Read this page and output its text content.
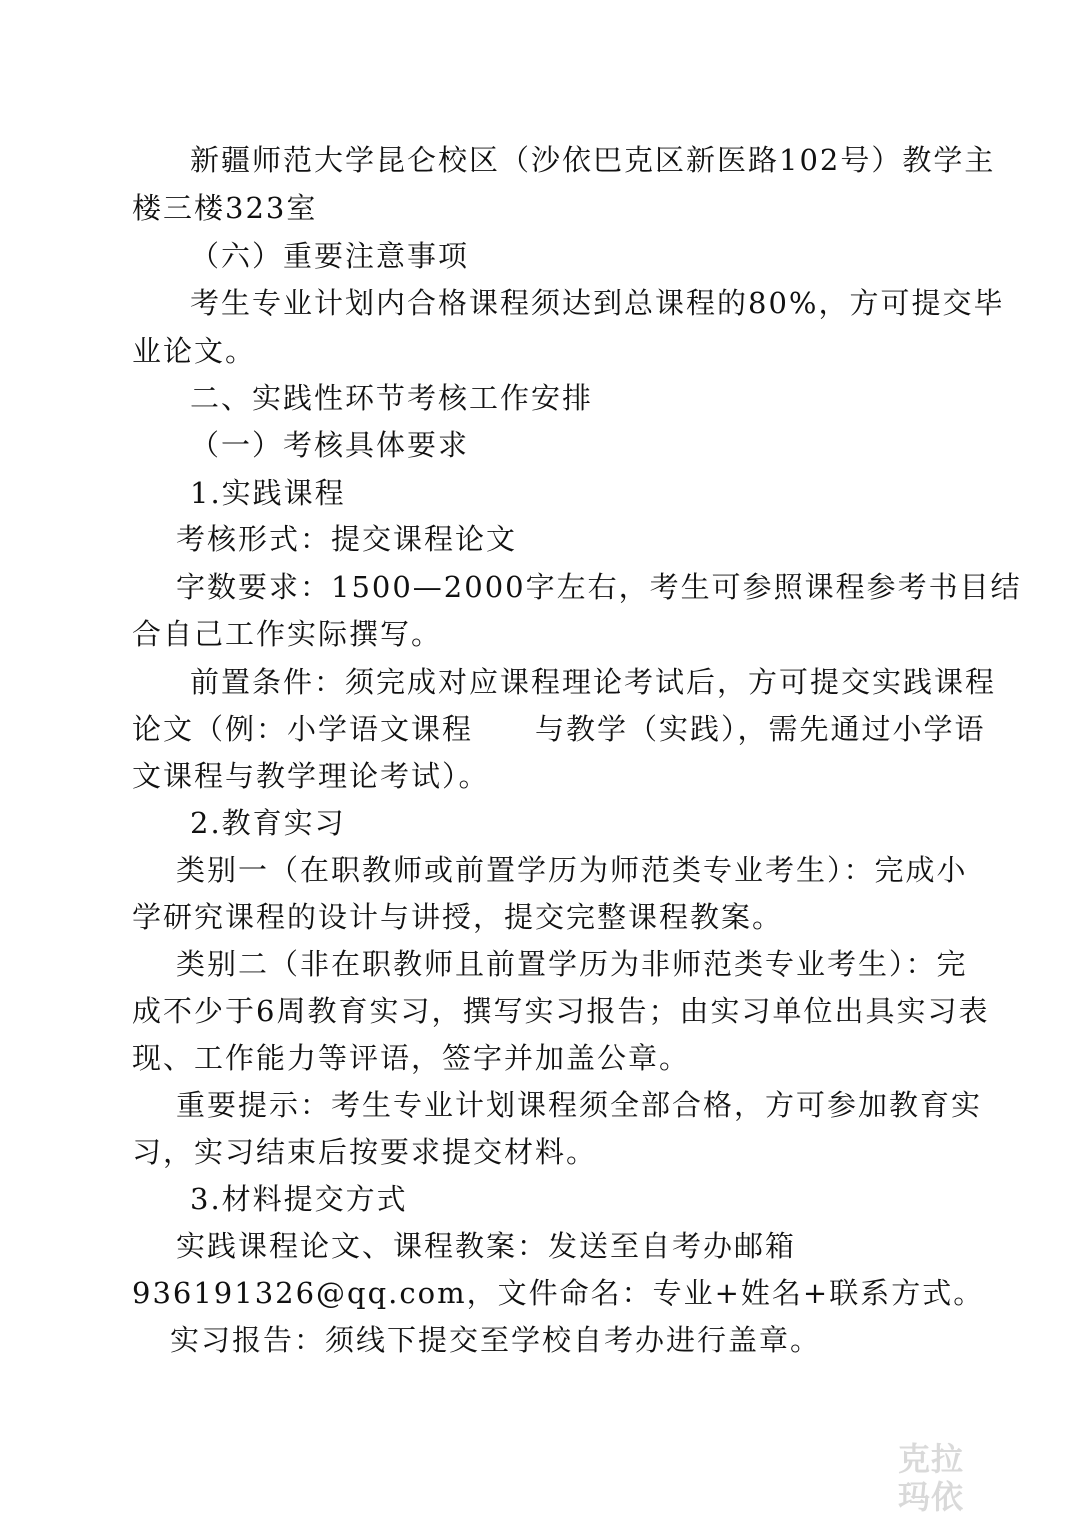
新疆师范大学昆仑校区（沙依巴克区新医路102号）教学主
楼三楼323室
（六）重要注意事项
考生专业计划内合格课程须达到总课程的80%，方可提交毕
业论文。
二、实践性环节考核工作安排
（一）考核具体要求
1.实践课程
考核形式：提交课程论文
字数要求：1500—2000字左右，考生可参照课程参考书目结
合自己工作实际撰写。
前置条件：须完成对应课程理论考试后，方可提交实践课程
论文（例：小学语文课程　　与教学（实践），需先通过小学语
文课程与教学理论考试）。
2.教育实习
类别一（在职教师或前置学历为师范类专业考生）：完成小
学研究课程的设计与讲授，提交完整课程教案。
类别二（非在职教师且前置学历为非师范类专业考生）：完
成不少于6周教育实习，撰写实习报告；由实习单位出具实习表
现、工作能力等评语，签字并加盖公章。
重要提示：考生专业计划课程须全部合格，方可参加教育实
习，实习结束后按要求提交材料。
3.材料提交方式
实践课程论文、课程教案：发送至自考办邮箱
936191326@qq.com，文件命名：专业+姓名+联系方式。
实习报告：须线下提交至学校自考办进行盖章。
克拉
玛依
